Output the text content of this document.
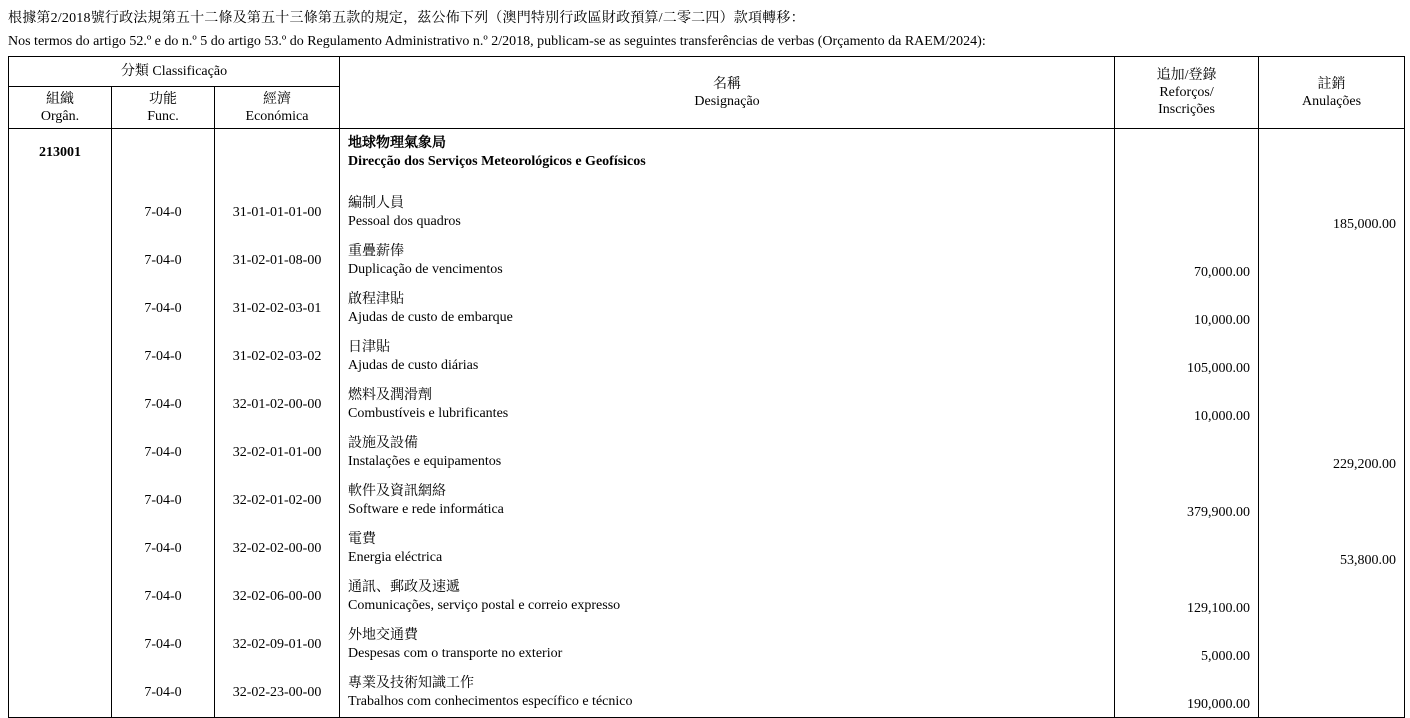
根據第2/2018號行政法規第五十二條及第五十三條第五款的規定，茲公佈下列（澳門特別行政區財政預算/二零二四）款項轉移：
Nos termos do artigo 52.º e do n.º 5 do artigo 53.º do Regulamento Administrativo n.º 2/2018, publicam-se as seguintes transferências de verbas (Orçamento da RAEM/2024):
分類 Classificação			名稱
Designação	追加/登錄
Reforços/
Inscrições	註銷
Anulações

組織
Orgân.	功能
Func.	經濟
Económica			

213001			地球物理氣象局
Direcção dos Serviços Meteorológicos e Geofísicos		

	7-04-0	31-01-01-01-00	編制人員
Pessoal dos quadros		185,000.00
	7-04-0	31-02-01-08-00	重疊薪俸
Duplicação de vencimentos	70,000.00	
	7-04-0	31-02-02-03-01	啟程津貼
Ajudas de custo de embarque	10,000.00	
	7-04-0	31-02-02-03-02	日津貼
Ajudas de custo diárias	105,000.00	
	7-04-0	32-01-02-00-00	燃料及潤滑劑
Combustíveis e lubrificantes	10,000.00	
	7-04-0	32-02-01-01-00	設施及設備
Instalações e equipamentos		229,200.00
	7-04-0	32-02-01-02-00	軟件及資訊網絡
Software e rede informática	379,900.00	
	7-04-0	32-02-02-00-00	電費
Energia eléctrica		53,800.00
	7-04-0	32-02-06-00-00	通訊、郵政及速遞
Comunicações, serviço postal e correio expresso	129,100.00	
	7-04-0	32-02-09-01-00	外地交通費
Despesas com o transporte no exterior	5,000.00	
	7-04-0	32-02-23-00-00	專業及技術知識工作
Trabalhos com conhecimentos específico e técnico	190,000.00	
